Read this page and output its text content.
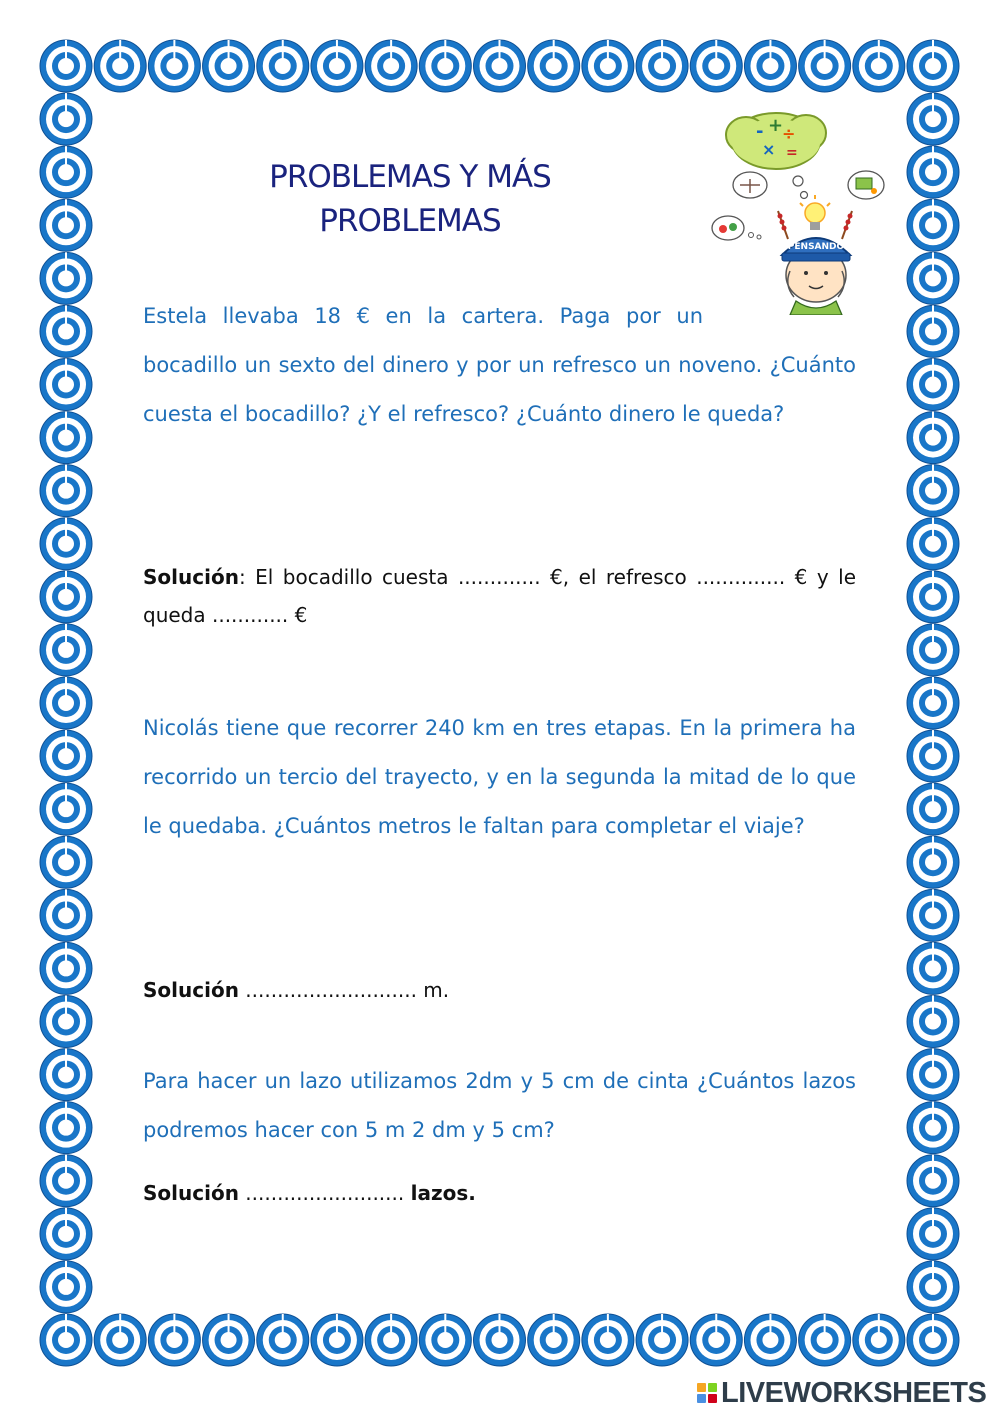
PROBLEMAS Y MÁS
PROBLEMAS
- +
÷
× =
PENSANDO

Estela llevaba 18 € en la cartera. Paga por un

bocadillo un sexto del dinero y por un refresco un noveno. ¿Cuánto cuesta el bocadillo? ¿Y el refresco? ¿Cuánto dinero le queda?

Solución: El bocadillo cuesta ............. €, el refresco .............. € y le queda ............ €

Nicolás tiene que recorrer 240 km en tres etapas. En la primera ha recorrido un tercio del trayecto, y en la segunda la mitad de lo que le quedaba. ¿Cuántos metros le faltan para completar el viaje?

Solución ........................... m.

Para hacer un lazo utilizamos 2dm y 5 cm de cinta ¿Cuántos lazos podremos hacer con 5 m 2 dm y 5 cm?

Solución ......................... lazos.

LIVEWORKSHEETS
